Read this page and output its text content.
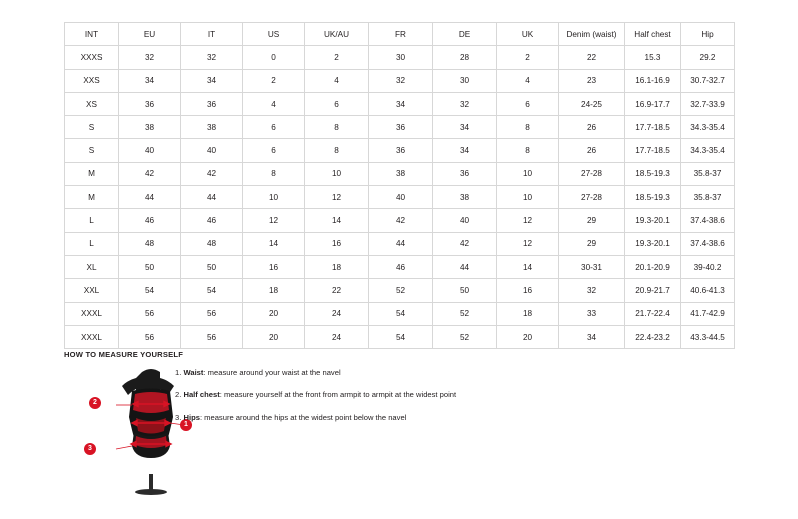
INT	EU	IT	US	UK/AU	FR	DE	UK	Denim (waist)	Half chest	Hip
XXXS	32	32	0	2	30	28	2	22	15.3	29.2
XXS	34	34	2	4	32	30	4	23	16.1-16.9	30.7-32.7
XS	36	36	4	6	34	32	6	24-25	16.9-17.7	32.7-33.9
S	38	38	6	8	36	34	8	26	17.7-18.5	34.3-35.4
S	40	40	6	8	36	34	8	26	17.7-18.5	34.3-35.4
M	42	42	8	10	38	36	10	27-28	18.5-19.3	35.8-37
M	44	44	10	12	40	38	10	27-28	18.5-19.3	35.8-37
L	46	46	12	14	42	40	12	29	19.3-20.1	37.4-38.6
L	48	48	14	16	44	42	12	29	19.3-20.1	37.4-38.6
XL	50	50	16	18	46	44	14	30-31	20.1-20.9	39-40.2
XXL	54	54	18	22	52	50	16	32	20.9-21.7	40.6-41.3
XXXL	56	56	20	24	54	52	18	33	21.7-22.4	41.7-42.9
XXXL	56	56	20	24	54	52	20	34	22.4-23.2	43.3-44.5
HOW TO MEASURE YOURSELF
2
3
1
1. Waist: measure around your waist at the navel
2. Half chest: measure yourself at the front from armpit to armpit at the widest point
3. Hips: measure around the hips at the widest point below the navel
